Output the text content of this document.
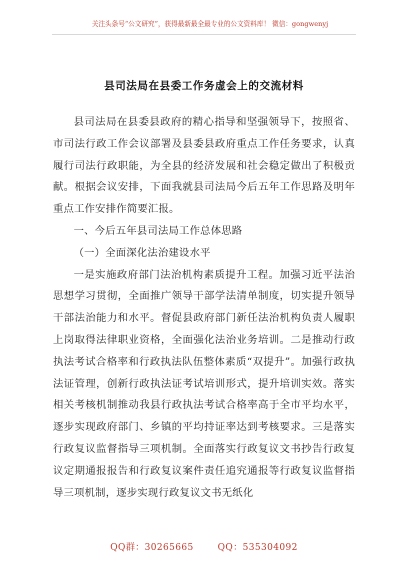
关注头条号“公文研究”，获得最新最全最专业的公文资料库！ 微信：gongwenyj
县司法局在县委工作务虚会上的交流材料

县司法局在县委县政府的精心指导和坚强领导下，按照省、市司法行政工作会议部署及县委县政府重点工作任务要求，认真履行司法行政职能，为全县的经济发展和社会稳定做出了积极贡献。根据会议安排，下面我就县司法局今后五年工作思路及明年重点工作安排作简要汇报。

一、今后五年县司法局工作总体思路

（一）全面深化法治建设水平

一是实施政府部门法治机构素质提升工程。加强习近平法治思想学习贯彻，全面推广领导干部学法清单制度，切实提升领导干部法治能力和水平。督促县政府部门新任法治机构负责人履职上岗取得法律职业资格，全面强化法治业务培训。二是推动行政执法考试合格率和行政执法队伍整体素质“双提升”。加强行政执法证管理，创新行政执法证考试培训形式，提升培训实效。落实相关考核机制推动我县行政执法考试合格率高于全市平均水平，逐步实现政府部门、乡镇的平均持证率达到考核要求。三是落实行政复议监督指导三项机制。全面落实行政复议文书抄告行政复议定期通报报告和行政复议案件责任追究通报等行政复议监督指导三项机制，逐步实现行政复议文书无纸化

QQ群：30265665	QQ：535304092
